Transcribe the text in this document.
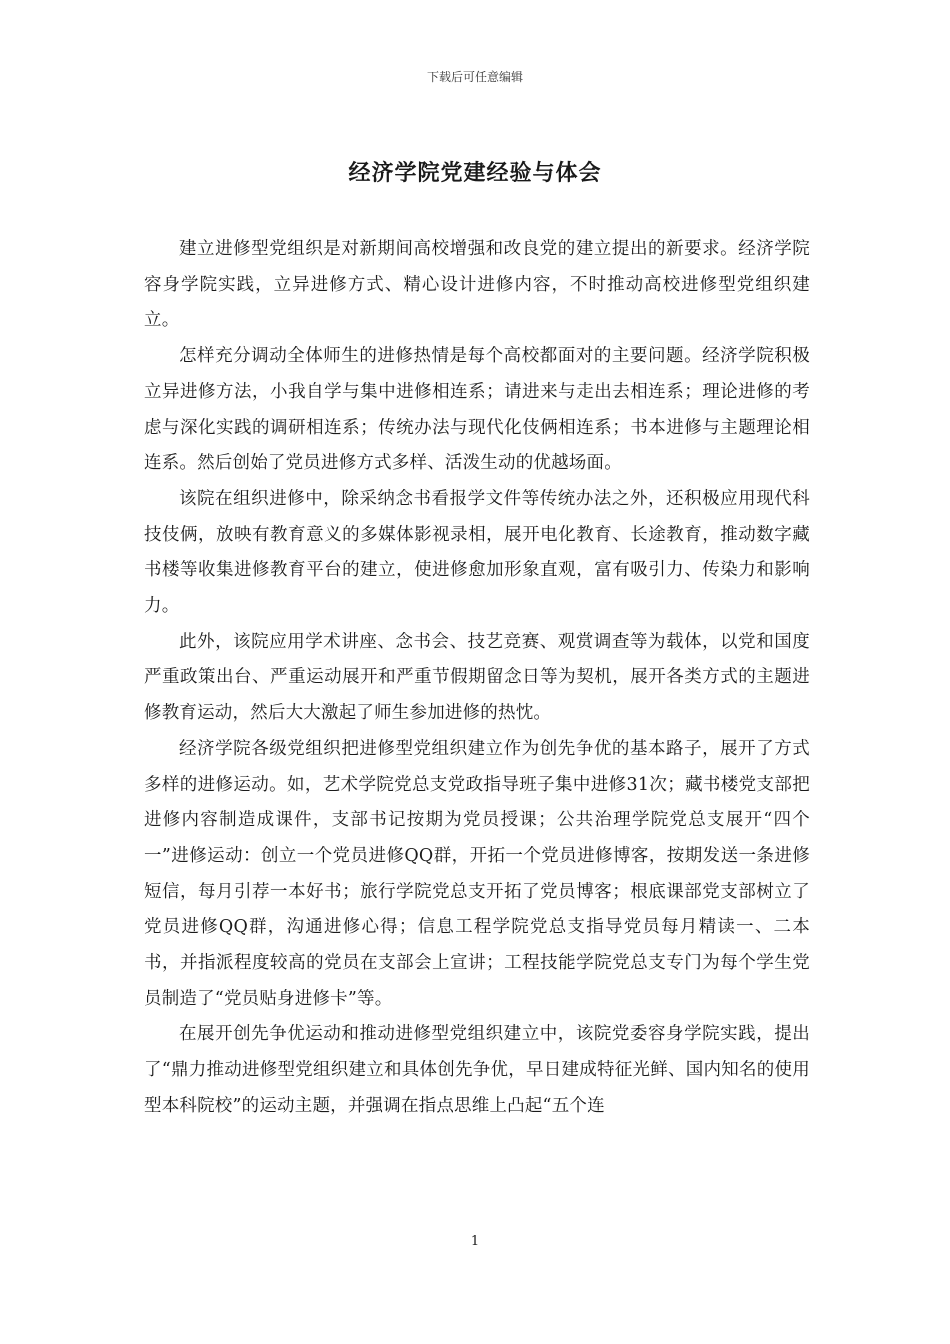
下载后可任意编辑
经济学院党建经验与体会

建立进修型党组织是对新期间高校增强和改良党的建立提出的新要求。经济学院容身学院实践，立异进修方式、精心设计进修内容，不时推动高校进修型党组织建立。

怎样充分调动全体师生的进修热情是每个高校都面对的主要问题。经济学院积极立异进修方法，小我自学与集中进修相连系；请进来与走出去相连系；理论进修的考虑与深化实践的调研相连系；传统办法与现代化伎俩相连系；书本进修与主题理论相连系。然后创始了党员进修方式多样、活泼生动的优越场面。

该院在组织进修中，除采纳念书看报学文件等传统办法之外，还积极应用现代科技伎俩，放映有教育意义的多媒体影视录相，展开电化教育、长途教育，推动数字藏书楼等收集进修教育平台的建立，使进修愈加形象直观，富有吸引力、传染力和影响力。

此外，该院应用学术讲座、念书会、技艺竞赛、观赏调查等为载体，以党和国度严重政策出台、严重运动展开和严重节假期留念日等为契机，展开各类方式的主题进修教育运动，然后大大激起了师生参加进修的热忱。

经济学院各级党组织把进修型党组织建立作为创先争优的基本路子，展开了方式多样的进修运动。如，艺术学院党总支党政指导班子集中进修31次；藏书楼党支部把进修内容制造成课件，支部书记按期为党员授课；公共治理学院党总支展开“四个一”进修运动：创立一个党员进修QQ群，开拓一个党员进修博客，按期发送一条进修短信，每月引荐一本好书；旅行学院党总支开拓了党员博客；根底课部党支部树立了党员进修QQ群，沟通进修心得；信息工程学院党总支指导党员每月精读一、二本书，并指派程度较高的党员在支部会上宣讲；工程技能学院党总支专门为每个学生党员制造了“党员贴身进修卡”等。

在展开创先争优运动和推动进修型党组织建立中，该院党委容身学院实践，提出了“鼎力推动进修型党组织建立和具体创先争优，早日建成特征光鲜、国内知名的使用型本科院校”的运动主题，并强调在指点思维上凸起“五个连

1
